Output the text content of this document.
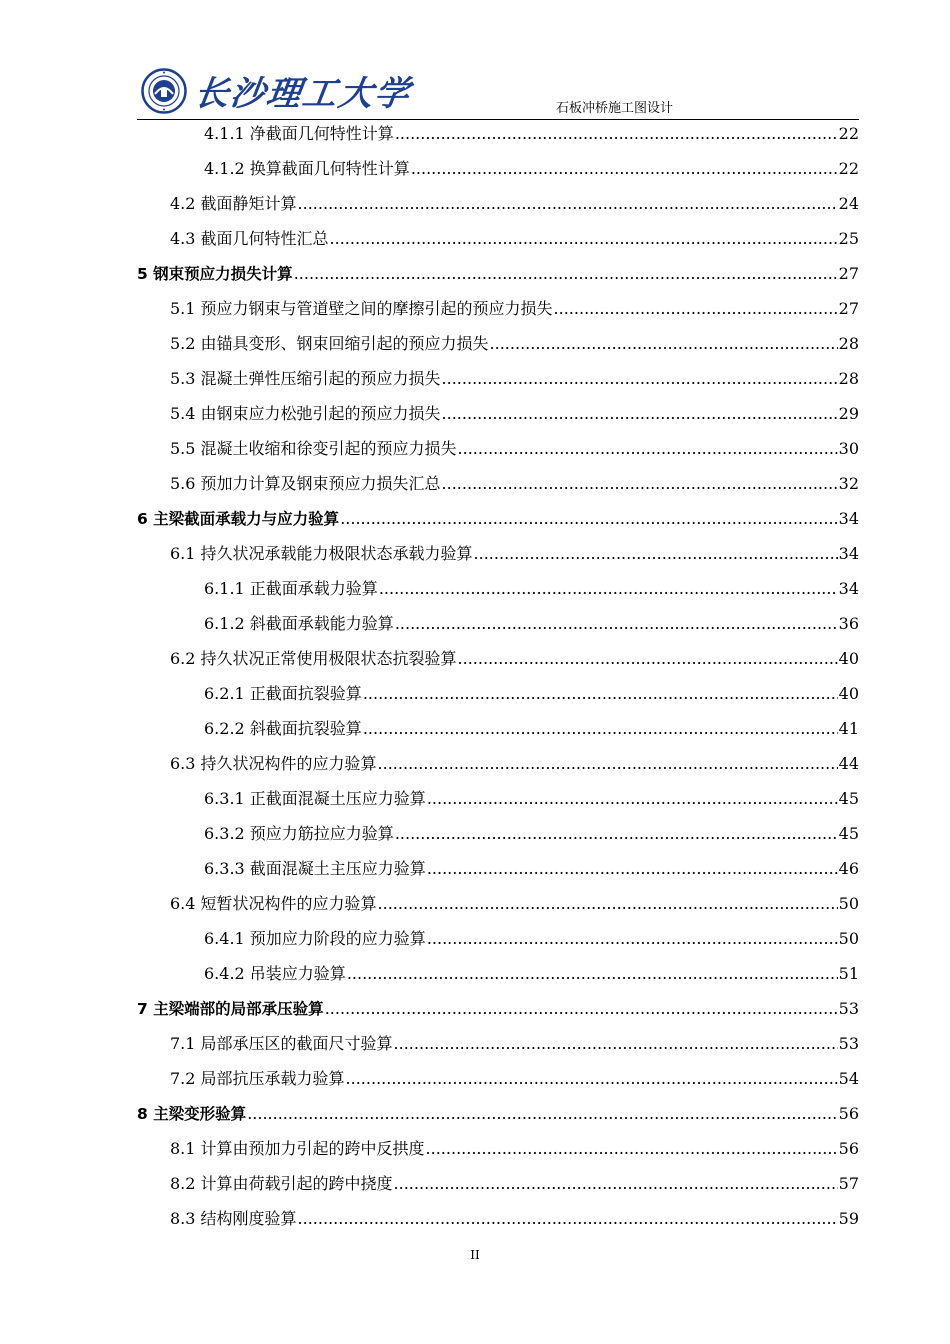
长沙理工大学	石板冲桥施工图设计
4.1.1 净截面几何特性计算 .....	22
4.1.2 换算截面几何特性计算 .....	22
4.2 截面静矩计算 .....	24
4.3 截面几何特性汇总 .....	25
5 钢束预应力损失计算 .....	27
5.1 预应力钢束与管道壁之间的摩擦引起的预应力损失 .....	27
5.2 由锚具变形、钢束回缩引起的预应力损失 .....	28
5.3 混凝土弹性压缩引起的预应力损失 .....	28
5.4 由钢束应力松弛引起的预应力损失 .....	29
5.5 混凝土收缩和徐变引起的预应力损失 .....	30
5.6 预加力计算及钢束预应力损失汇总 .....	32
6 主梁截面承载力与应力验算 .....	34
6.1 持久状况承载能力极限状态承载力验算 .....	34
6.1.1 正截面承载力验算 .....	34
6.1.2 斜截面承载能力验算 .....	36
6.2 持久状况正常使用极限状态抗裂验算 .....	40
6.2.1 正截面抗裂验算 .....	40
6.2.2 斜截面抗裂验算 .....	41
6.3 持久状况构件的应力验算 .....	44
6.3.1 正截面混凝土压应力验算 .....	45
6.3.2 预应力筋拉应力验算 .....	45
6.3.3 截面混凝土主压应力验算 .....	46
6.4 短暂状况构件的应力验算 .....	50
6.4.1 预加应力阶段的应力验算 .....	50
6.4.2 吊装应力验算 .....	51
7 主梁端部的局部承压验算 .....	53
7.1 局部承压区的截面尺寸验算 .....	53
7.2 局部抗压承载力验算 .....	54
8 主梁变形验算 .....	56
8.1 计算由预加力引起的跨中反拱度 .....	56
8.2 计算由荷载引起的跨中挠度 .....	57
8.3 结构刚度验算 .....	59
II
